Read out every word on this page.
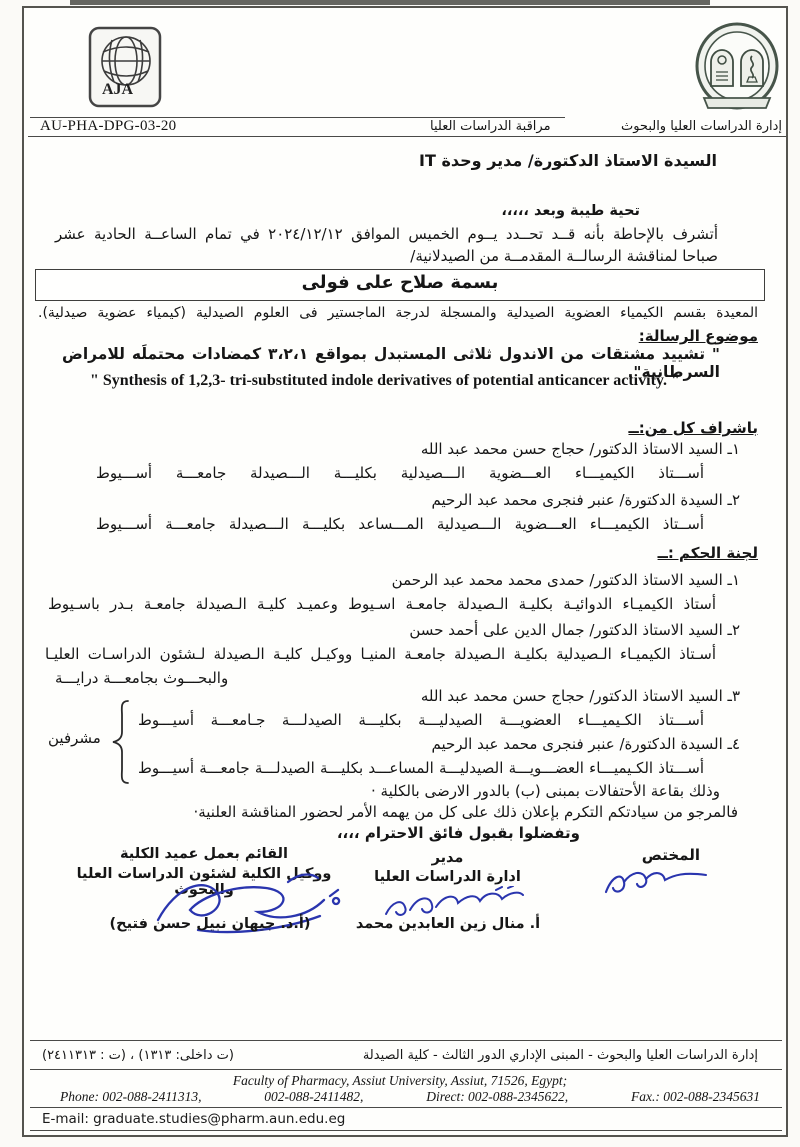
AJA
AU-PHA-DPG-03-20	مراقبة الدراسات العليا	إدارة الدراسات العليا والبحوث
السيدة الاستاذ الدكتورة/ مدير وحدة IT
تحية طيبة وبعد ،،،،،
أتشرف بالإحاطة بأنه قــد تحــدد يــوم الخميس الموافق ٢٠٢٤/١٢/١٢ في تمام الساعــة الحادية عشر
صباحا لمناقشة الرسالــة المقدمــة من الصيدلانية/
بسمة صلاح على فولى
المعيدة بقسم الكيمياء العضوية الصيدلية والمسجلة لدرجة الماجستير فى العلوم الصيدلية (كيمياء عضوية صيدلية).
موضوع الرسالة:
" تشييد مشتقات من الاندول ثلاثى المستبدل بمواقع ٣،٢،١ كمضادات محتملَه للامراض السرطانية".
" Synthesis of 1,2,3- tri-substituted indole derivatives of potential anticancer activity. "
باشراف كل من:ــ
١ـ السيد الاستاذ الدكتور/ حجاج حسن محمد عبد الله
أســـتاذ الكيميـــاء العـــضوية الـــصيدلية بكليـــة الـــصيدلة جامعـــة أســـيوط
٢ـ السيدة الدكتورة/ عنبر فنجرى محمد عبد الرحيم
أســتاذ الكيميـــاء العـــضوية الـــصيدلية المـــساعد بكليـــة الـــصيدلة جامعـــة أســـيوط
لجنة الحكم :ــ
١ـ السيد الاستاذ الدكتور/ حمدى محمد محمد عبد الرحمن
أستاذ الكيميـاء الدوائيـة بكليـة الـصيدلة جامعـة اسـيوط وعميـد كليـة الـصيدلة جامعـة بـدر باسـيوط
٢ـ السيد الاستاذ الدكتور/ جمال الدين على أحمد حسن
أسـتاذ الكيميـاء الـصيدلية بكليـة الـصيدلة جامعـة المنيـا ووكيـل كليـة الـصيدلة لـشئون الدراسـات العليـا
والبحـــوث بجامعـــة درايـــة
٣ـ السيد الاستاذ الدكتور/ حجاج حسن محمد عبد الله
أســـتاذ الكـيميـــاء العضويـــة الصيدليـــة بكليـــة الصيدلـــة جـامعـــة أسيـــوط
٤ـ السيدة الدكتورة/ عنبر فنجرى محمد عبد الرحيم
أســـتاذ الكـيميـــاء العضـــويـــة الصيدليـــة المساعـــد بكليـــة الصيدلـــة جامعـــة أسيـــوط
مشرفين
وذلك بقاعة الأحتفالات بمبنى (ب) بالدور الارضى بالكلية ·
فالمرجو من سيادتكم التكرم بإعلان ذلك على كل من يهمه الأمر لحضور المناقشة العلنية·
وتفضلوا بقبول فائق الاحترام ،،،،
المختص
مدير
ادارة الدراسات العليا
أ. منال زين العابدين محمد
القائم بعمل عميد الكلية
ووكيل الكلية لشئون الدراسات العليا والبحوث
(أ.د. جيهان نبيل حسن فتيح)
إدارة الدراسات العليا والبحوث - المبنى الإداري الدور الثالث - كلية الصيدلة
(ت داخلى: ١٣١٣) ، (ت : ٢٤١١٣١٣)
Faculty of Pharmacy, Assiut University, Assiut, 71526, Egypt;
Phone: 002-088-2411313,	002-088-2411482,	Direct: 002-088-2345622,	Fax.: 002-088-2345631
E-mail: graduate.studies@pharm.aun.edu.eg
